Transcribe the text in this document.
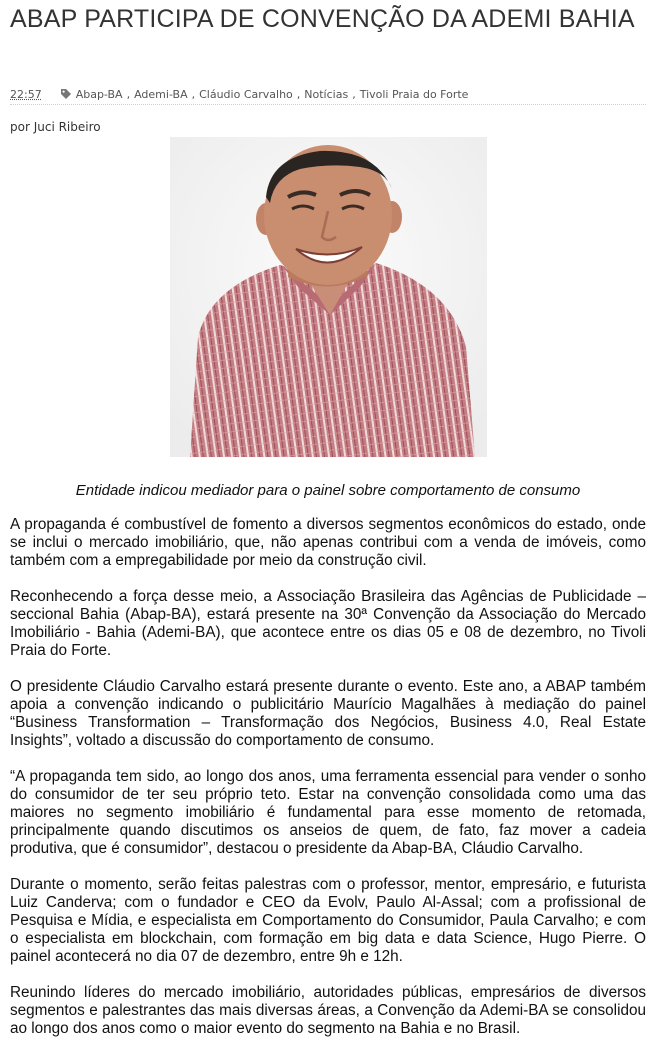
ABAP PARTICIPA DE CONVENÇÃO DA ADEMI BAHIA
22:57	Abap-BA , Ademi-BA , Cláudio Carvalho , Notícias , Tivoli Praia do Forte
por Juci Ribeiro
Entidade indicou mediador para o painel sobre comportamento de consumo

A propaganda é combustível de fomento a diversos segmentos econômicos do estado, onde se inclui o mercado imobiliário, que, não apenas contribui com a venda de imóveis, como também com a empregabilidade por meio da construção civil.

Reconhecendo a força desse meio, a Associação Brasileira das Agências de Publicidade – seccional Bahia (Abap-BA), estará presente na 30ª Convenção da Associação do Mercado Imobiliário - Bahia (Ademi-BA), que acontece entre os dias 05 e 08 de dezembro, no Tivoli Praia do Forte.

O presidente Cláudio Carvalho estará presente durante o evento. Este ano, a ABAP também apoia a convenção indicando o publicitário Maurício Magalhães à mediação do painel “Business Transformation – Transformação dos Negócios, Business 4.0, Real Estate Insights”, voltado a discussão do comportamento de consumo.

“A propaganda tem sido, ao longo dos anos, uma ferramenta essencial para vender o sonho do consumidor de ter seu próprio teto. Estar na convenção consolidada como uma das maiores no segmento imobiliário é fundamental para esse momento de retomada, principalmente quando discutimos os anseios de quem, de fato, faz mover a cadeia produtiva, que é consumidor”, destacou o presidente da Abap-BA, Cláudio Carvalho.

Durante o momento, serão feitas palestras com o professor, mentor, empresário, e futurista Luiz Canderva; com o fundador e CEO da Evolv, Paulo Al-Assal; com a profissional de Pesquisa e Mídia, e especialista em Comportamento do Consumidor, Paula Carvalho; e com o especialista em blockchain, com formação em big data e data Science, Hugo Pierre. O painel acontecerá no dia 07 de dezembro, entre 9h e 12h.

Reunindo líderes do mercado imobiliário, autoridades públicas, empresários de diversos segmentos e palestrantes das mais diversas áreas, a Convenção da Ademi-BA se consolidou ao longo dos anos como o maior evento do segmento na Bahia e no Brasil.
